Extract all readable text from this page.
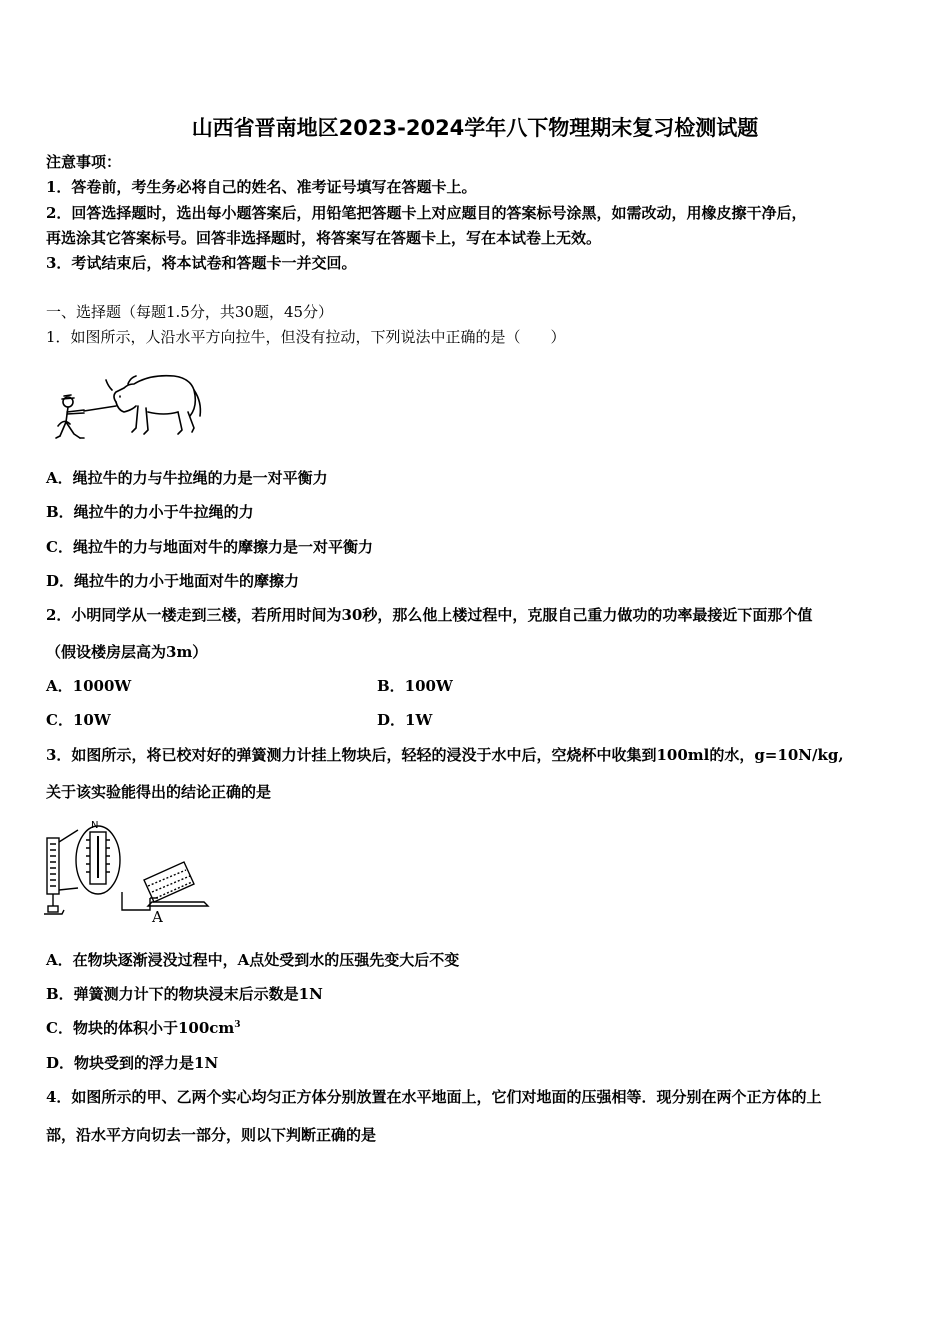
山西省晋南地区2023-2024学年八下物理期末复习检测试题
注意事项：
1．答卷前，考生务必将自己的姓名、准考证号填写在答题卡上。
2．回答选择题时，选出每小题答案后，用铅笔把答题卡上对应题目的答案标号涂黑，如需改动，用橡皮擦干净后，
再选涂其它答案标号。回答非选择题时，将答案写在答题卡上，写在本试卷上无效。
3．考试结束后，将本试卷和答题卡一并交回。
一、选择题（每题1.5分，共30题，45分）
1．如图所示，人沿水平方向拉牛，但没有拉动，下列说法中正确的是（　　）
A．绳拉牛的力与牛拉绳的力是一对平衡力
B．绳拉牛的力小于牛拉绳的力
C．绳拉牛的力与地面对牛的摩擦力是一对平衡力
D．绳拉牛的力小于地面对牛的摩擦力
2．小明同学从一楼走到三楼，若所用时间为30秒，那么他上楼过程中，克服自己重力做功的功率最接近下面那个值
（假设楼房层高为3m）
A．1000W	B．100W
C．10W	D．1W
3．如图所示，将已校对好的弹簧测力计挂上物块后，轻轻的浸没于水中后，空烧杯中收集到100ml的水，g=10N/kg,
关于该实验能得出的结论正确的是
N
A
A．在物块逐渐浸没过程中，A点处受到水的压强先变大后不变
B．弹簧测力计下的物块浸末后示数是1N
C．物块的体积小于$100cm^3$
D．物块受到的浮力是1N
4．如图所示的甲、乙两个实心均匀正方体分别放置在水平地面上，它们对地面的压强相等．现分别在两个正方体的上
部，沿水平方向切去一部分，则以下判断正确的是
